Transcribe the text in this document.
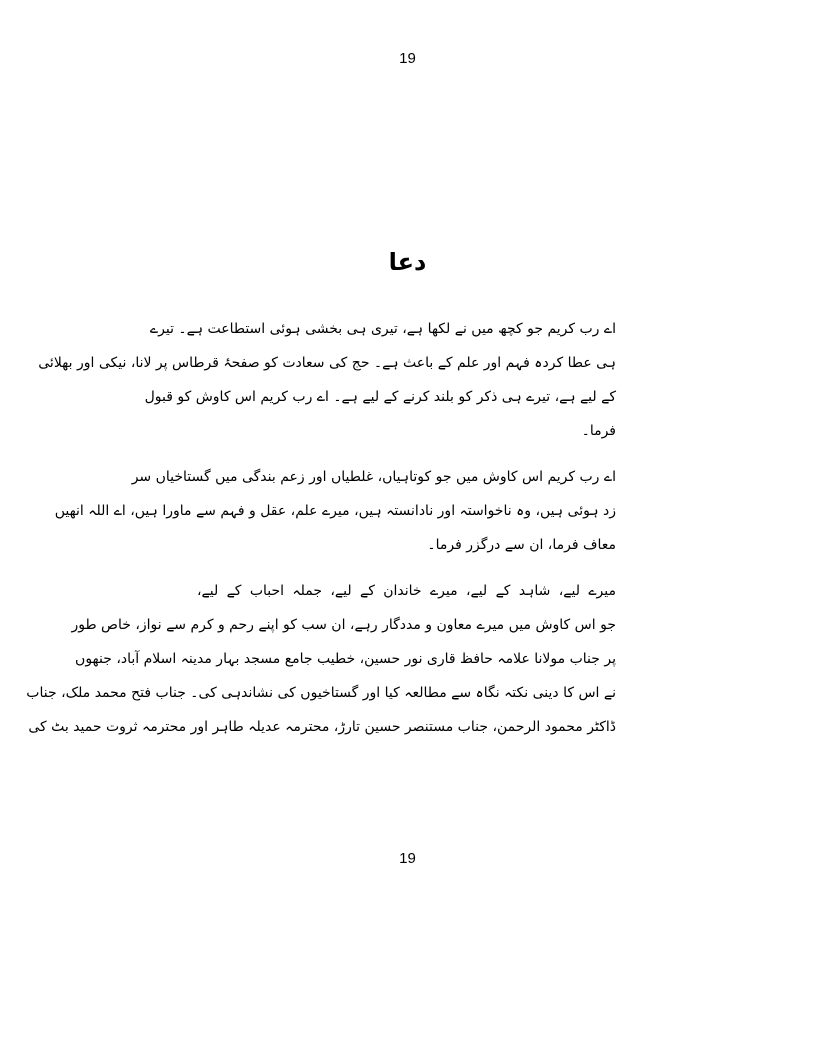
19
دعا
اے رب کریم جو کچھ میں نے لکھا ہے، تیری ہی بخشی ہوئی استطاعت ہے۔ تیرے
ہی عطا کردہ فہم اور علم کے باعث ہے۔ حج کی سعادت کو صفحۂ قرطاس پر لانا، نیکی اور بھلائی
کے لیے ہے، تیرے ہی ذکر کو بلند کرنے کے لیے ہے۔ اے رب کریم اس کاوش کو قبول
فرما۔
اے رب کریم اس کاوش میں جو کوتاہیاں، غلطیاں اور زعم بندگی میں گستاخیاں سر
زد ہوئی ہیں، وہ ناخواستہ اور نادانستہ ہیں، میرے علم، عقل و فہم سے ماورا ہیں، اے اللہ انھیں
معاف فرما، ان سے درگزر فرما۔
میرے لیے، شاہد کے لیے، میرے خاندان کے لیے، جملہ احباب کے لیے،
جو اس کاوش میں میرے معاون و مددگار رہے، ان سب کو اپنے رحم و کرم سے نواز، خاص طور
پر جناب مولانا علامہ حافظ قاری نور حسین، خطیب جامع مسجد بہار مدینہ اسلام آباد، جنھوں
نے اس کا دینی نکتہ نگاہ سے مطالعہ کیا اور گستاخیوں کی نشاندہی کی۔ جناب فتح محمد ملک، جناب
ڈاکٹر محمود الرحمن، جناب مستنصر حسین تارڑ، محترمہ عدیلہ طاہر اور محترمہ ثروت حمید بٹ کی
19
